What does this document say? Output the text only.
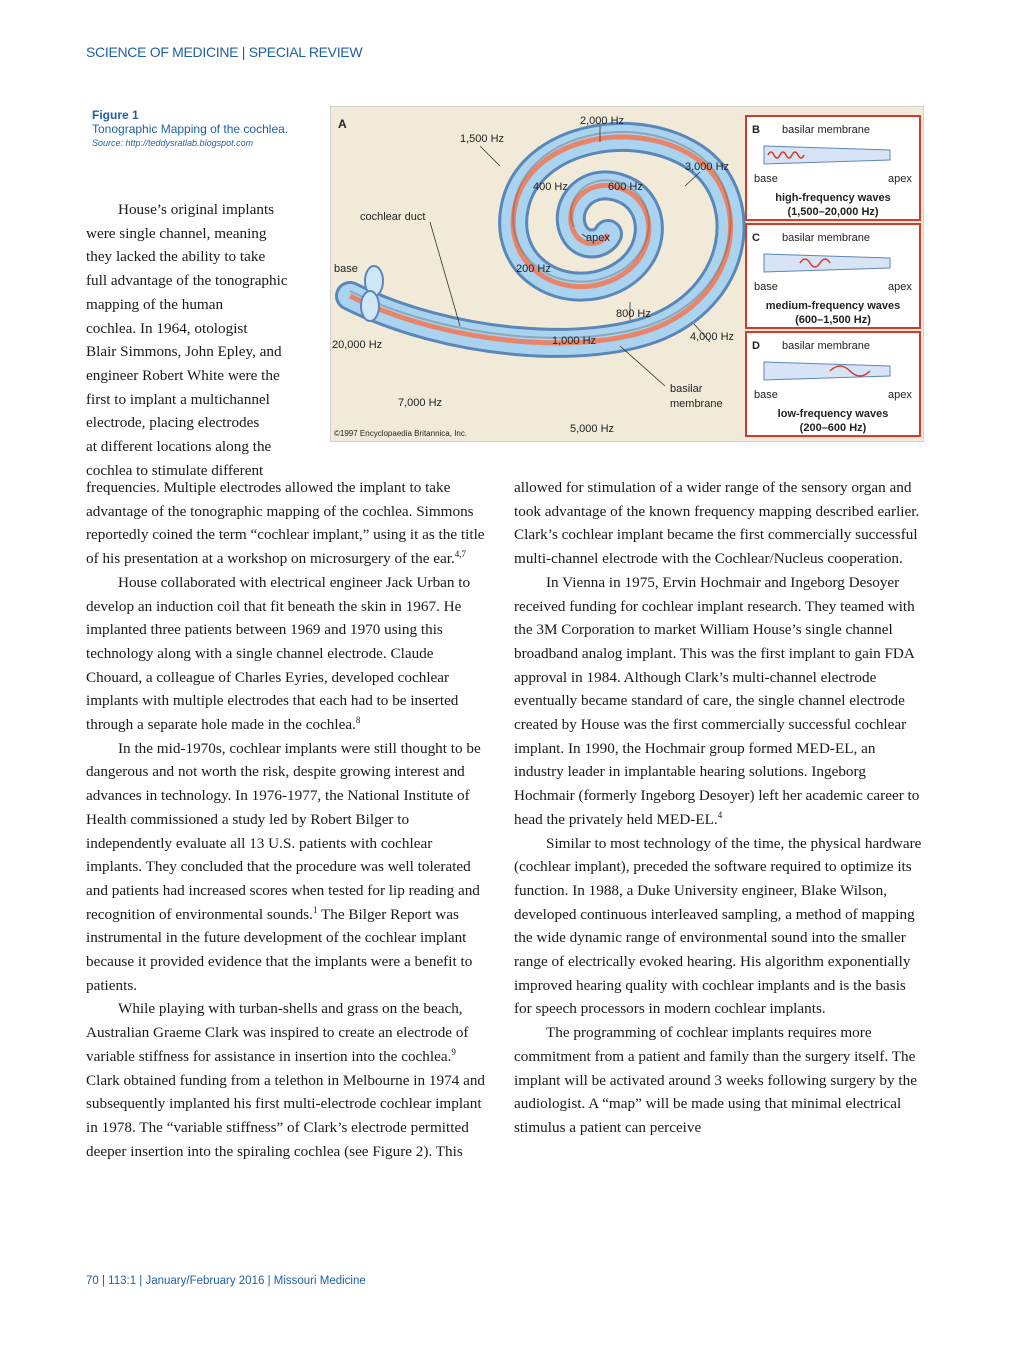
SCIENCE OF MEDICINE | SPECIAL REVIEW
Figure 1
Tonographic Mapping of the cochlea.
Source: http://teddysratlab.blogspot.com
A
cochlear duct
base
apex
basilar membrane
©1997 Encyclopaedia Britannica, Inc.
2,000 Hz
1,500 Hz
3,000 Hz
400 Hz	600 Hz
200 Hz
800 Hz
20,000 Hz	1,000 Hz	4,000 Hz
7,000 Hz
5,000 Hz
B basilar membrane
base	apex
high-frequency waves
(1,500–20,000 Hz)
C basilar membrane
base	apex
medium-frequency waves
(600–1,500 Hz)
D basilar membrane
base	apex
low-frequency waves
(200–600 Hz)
House’s original implants
were single channel, meaning
they lacked the ability to take
full advantage of the tonographic
mapping of the human
cochlea. In 1964, otologist
Blair Simmons, John Epley, and
engineer Robert White were the
first to implant a multichannel
electrode, placing electrodes
at different locations along the
cochlea to stimulate different

frequencies. Multiple electrodes allowed the implant to take advantage of the tonographic mapping of the cochlea. Simmons reportedly coined the term “cochlear implant,” using it as the title of his presentation at a workshop on microsurgery of the ear.$^{4,7}$

House collaborated with electrical engineer Jack Urban to develop an induction coil that fit beneath the skin in 1967. He implanted three patients between 1969 and 1970 using this technology along with a single channel electrode. Claude Chouard, a colleague of Charles Eyries, developed cochlear implants with multiple electrodes that each had to be inserted through a separate hole made in the cochlea.$^8$

In the mid-1970s, cochlear implants were still thought to be dangerous and not worth the risk, despite growing interest and advances in technology. In 1976-1977, the National Institute of Health commissioned a study led by Robert Bilger to independently evaluate all 13 U.S. patients with cochlear implants. They concluded that the procedure was well tolerated and patients had increased scores when tested for lip reading and recognition of environmental sounds.$^1$ The Bilger Report was instrumental in the future development of the cochlear implant because it provided evidence that the implants were a benefit to patients.

While playing with turban-shells and grass on the beach, Australian Graeme Clark was inspired to create an electrode of variable stiffness for assistance in insertion into the cochlea.$^9$ Clark obtained funding from a telethon in Melbourne in 1974 and subsequently implanted his first multi-electrode cochlear implant in 1978. The “variable stiffness” of Clark’s electrode permitted deeper insertion into the spiraling cochlea (see Figure 2). This

allowed for stimulation of a wider range of the sensory organ and took advantage of the known frequency mapping described earlier. Clark’s cochlear implant became the first commercially successful multi-channel electrode with the Cochlear/Nucleus cooperation.

In Vienna in 1975, Ervin Hochmair and Ingeborg Desoyer received funding for cochlear implant research. They teamed with the 3M Corporation to market William House’s single channel broadband analog implant. This was the first implant to gain FDA approval in 1984. Although Clark’s multi-channel electrode eventually became standard of care, the single channel electrode created by House was the first commercially successful cochlear implant. In 1990, the Hochmair group formed MED-EL, an industry leader in implantable hearing solutions. Ingeborg Hochmair (formerly Ingeborg Desoyer) left her academic career to head the privately held MED-EL.$^4$

Similar to most technology of the time, the physical hardware (cochlear implant), preceded the software required to optimize its function. In 1988, a Duke University engineer, Blake Wilson, developed continuous interleaved sampling, a method of mapping the wide dynamic range of environmental sound into the smaller range of electrically evoked hearing. His algorithm exponentially improved hearing quality with cochlear implants and is the basis for speech processors in modern cochlear implants.

The programming of cochlear implants requires more commitment from a patient and family than the surgery itself. The implant will be activated around 3 weeks following surgery by the audiologist. A “map” will be made using that minimal electrical stimulus a patient can perceive

70 | 113:1 | January/February 2016 | Missouri Medicine
